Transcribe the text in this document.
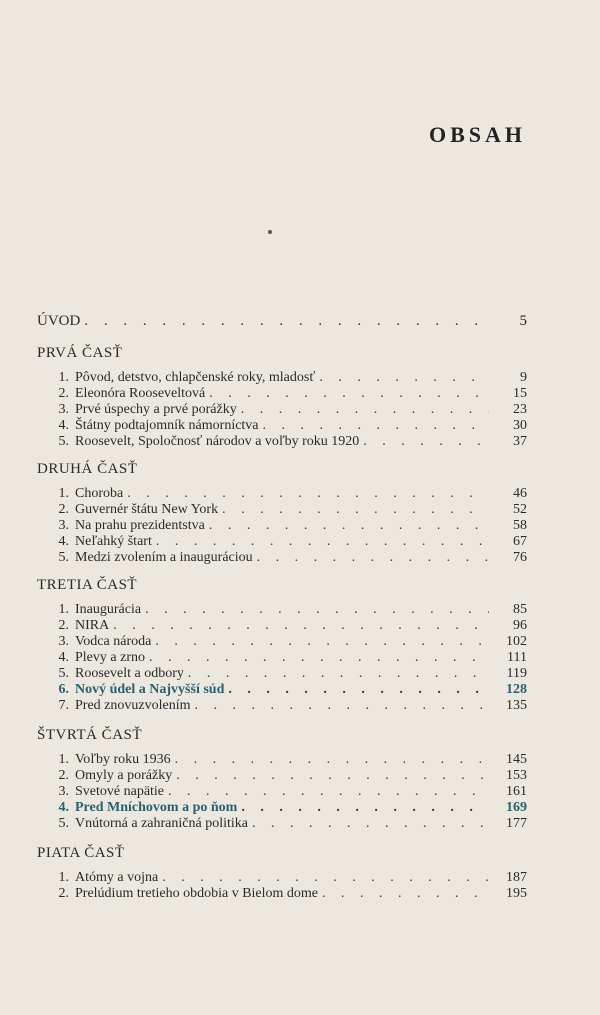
OBSAH
ÚVOD . . .	5
PRVÁ ČASŤ
1. Pôvod, detstvo, chlapčenské roky, mladosť . . .	9
2. Eleonóra Rooseveltová . . .	15
3. Prvé úspechy a prvé porážky . . .	23
4. Štátny podtajomník námorníctva . . .	30
5. Roosevelt, Spoločnosť národov a voľby roku 1920 . . .	37
DRUHÁ ČASŤ
1. Choroba . . .	46
2. Guvernér štátu New York . . .	52
3. Na prahu prezidentstva . . .	58
4. Neľahký štart . . .	67
5. Medzi zvolením a inauguráciou . . .	76
TRETIA ČASŤ
1. Inaugurácia . . .	85
2. NIRA . . .	96
3. Vodca národa . . .	102
4. Plevy a zrno . . .	111
5. Roosevelt a odbory . . .	119
6. Nový údel a Najvyšší súd . . .	128
7. Pred znovuzvolením . . .	135
ŠTVRTÁ ČASŤ
1. Voľby roku 1936 . . .	145
2. Omyly a porážky . . .	153
3. Svetové napätie . . .	161
4. Pred Mníchovom a po ňom . . .	169
5. Vnútorná a zahraničná politika . . .	177
PIATA ČASŤ
1. Atómy a vojna . . .	187
2. Prelúdium tretieho obdobia v Bielom dome . . .	195
